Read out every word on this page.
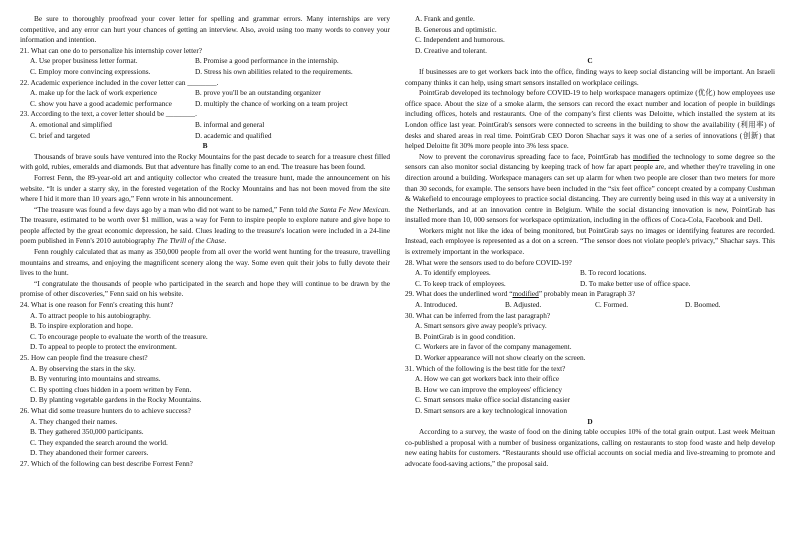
Be sure to thoroughly proofread your cover letter for spelling and grammar errors. Many internships are very competitive, and any error can hurt your chances of getting an interview. Also, avoid using too many words to convey your information and intention.

21. What can one do to personalize his internship cover letter?

A. Use proper business letter format.	B. Promise a good performance in the internship.
C. Employ more convincing expressions.	D. Stress his own abilities related to the requirements.

22. Academic experience included in the cover letter can ________.

A. make up for the lack of work experience	B. prove you'll be an outstanding organizer
C. show you have a good academic performance	D. multiply the chance of working on a team project

23. According to the text, a cover letter should be ________.

A. emotional and simplified	B. informal and general
C. brief and targeted	D. academic and qualified

B

Thousands of brave souls have ventured into the Rocky Mountains for the past decade to search for a treasure chest filled with gold, rubies, emeralds and diamonds. But that adventure has finally come to an end. The treasure has been found.

Forrest Fenn, the 89-year-old art and antiquity collector who created the treasure hunt, made the announcement on his website. “It is under a starry sky, in the forested vegetation of the Rocky Mountains and has not been moved from the site where I hid it more than 10 years ago,” Fenn wrote in his announcement.

“The treasure was found a few days ago by a man who did not want to be named,” Fenn told the Santa Fe New Mexican. The treasure, estimated to be worth over $1 million, was a way for Fenn to inspire people to explore nature and give hope to people affected by the great economic depression, he said. Clues leading to the treasure's location were included in a 24-line poem published in Fenn's 2010 autobiography The Thrill of the Chase.

Fenn roughly calculated that as many as 350,000 people from all over the world went hunting for the treasure, travelling mountains and streams, and enjoying the magnificent scenery along the way. Some even quit their jobs to fully devote their lives to the hunt.

“I congratulate the thousands of people who participated in the search and hope they will continue to be drawn by the promise of other discoveries,” Fenn said on his website.

24. What is one reason for Fenn's creating this hunt?

A. To attract people to his autobiography.

B. To inspire exploration and hope.

C. To encourage people to evaluate the worth of the treasure.

D. To appeal to people to protect the environment.

25. How can people find the treasure chest?

A. By observing the stars in the sky.

B. By venturing into mountains and streams.

C. By spotting clues hidden in a poem written by Fenn.

D. By planting vegetable gardens in the Rocky Mountains.

26. What did some treasure hunters do to achieve success?

A. They changed their names.

B. They gathered 350,000 participants.

C. They expanded the search around the world.

D. They abandoned their former careers.

27. Which of the following can best describe Forrest Fenn?

A. Frank and gentle.

B. Generous and optimistic.

C. Independent and humorous.

D. Creative and tolerant.

C

If businesses are to get workers back into the office, finding ways to keep social distancing will be important. An Israeli company thinks it can help, using smart sensors installed on workplace ceilings.

PointGrab developed its technology before COVID-19 to help workspace managers optimize (优化) how employees use office space. About the size of a smoke alarm, the sensors can record the exact number and location of people in buildings including offices, hotels and restaurants. One of the company's first clients was Deloitte, which installed the system at its London office last year. PointGrab's sensors were connected to screens in the building to show the availability (利用率) of desks and shared areas in real time. PointGrab CEO Doron Shachar says it was one of a series of innovations (创新) that helped Deloitte fit 30% more people into 3% less space.

Now to prevent the coronavirus spreading face to face, PointGrab has modified the technology to some degree so the sensors can also monitor social distancing by keeping track of how far apart people are, and whether they're traveling in one direction around a building. Workspace managers can set up alarm for when two people are closer than two meters for more than 30 seconds, for example. The sensors have been included in the “six feet office” concept created by a company Cushman & Wakefield to encourage employees to practice social distancing. They are currently being used in this way at a university in the Netherlands, and at an innovation centre in Belgium. While the social distancing innovation is new, PointGrab has installed more than 10, 000 sensors for workspace optimization, including in the offices of Coca-Cola, Facebook and Dell.

Workers might not like the idea of being monitored, but PointGrab says no images or identifying features are recorded. Instead, each employee is represented as a dot on a screen. “The sensor does not violate people's privacy,” Shachar says. This is extremely important in the workspace.

28. What were the sensors used to do before COVID-19?

A. To identify employees.	B. To record locations.
C. To keep track of employees.	D. To make better use of office space.

29. What does the underlined word “modified” probably mean in Paragraph 3?

A. Introduced.	B. Adjusted.	C. Formed.	D. Boomed.

30. What can be inferred from the last paragraph?

A. Smart sensors give away people's privacy.

B. PointGrab is in good condition.

C. Workers are in favor of the company management.

D. Worker appearance will not show clearly on the screen.

31. Which of the following is the best title for the text?

A. How we can get workers back into their office

B. How we can improve the employees' efficiency

C. Smart sensors make office social distancing easier

D. Smart sensors are a key technological innovation

D

According to a survey, the waste of food on the dining table occupies 10% of the total grain output. Last week Meituan co-published a proposal with a number of business organizations, calling on restaurants to stop food waste and help develop new eating habits for customers. “Restaurants should use official accounts on social media and live-streaming to promote and advocate food-saving actions,” the proposal said.
